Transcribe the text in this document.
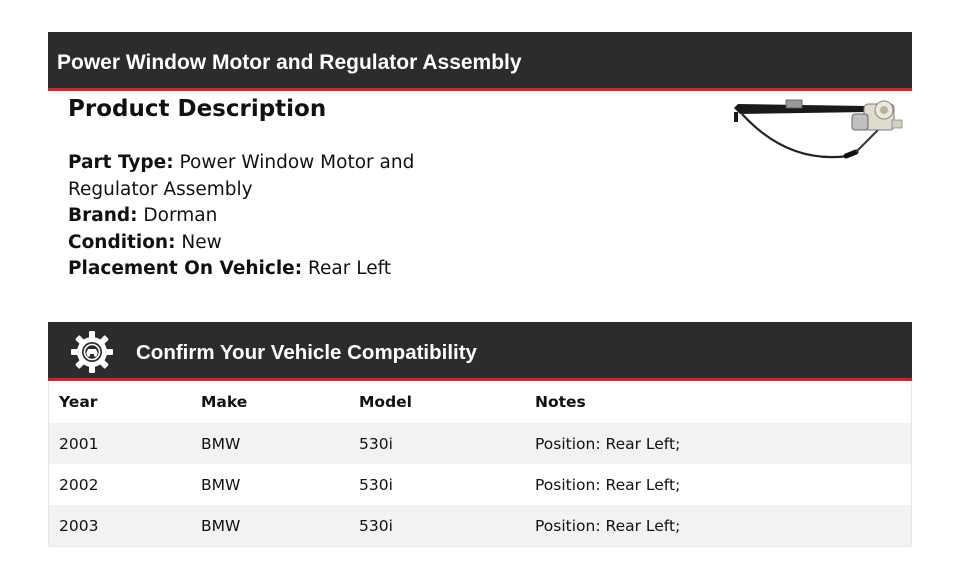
Power Window Motor and Regulator Assembly
Product Description

Part Type: Power Window Motor and Regulator Assembly

Brand: Dorman

Condition: New

Placement On Vehicle: Rear Left

Confirm Your Vehicle Compatibility
Year	Make	Model	Notes
2001	BMW	530i	Position: Rear Left;
2002	BMW	530i	Position: Rear Left;
2003	BMW	530i	Position: Rear Left;
